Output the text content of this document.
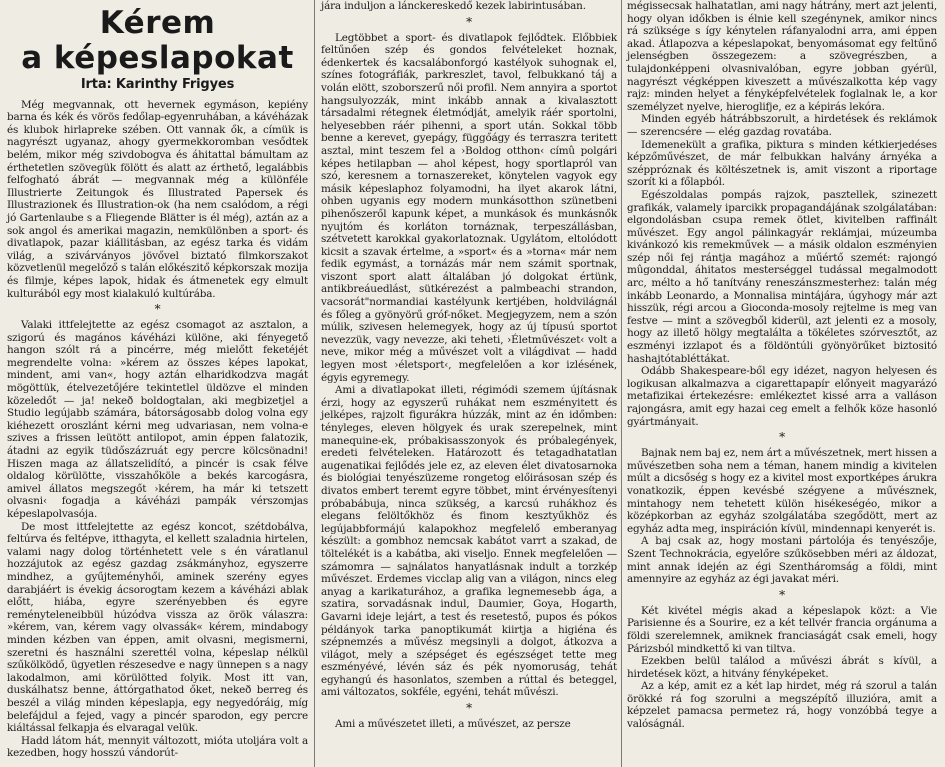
Kérem
a képeslapokat
Irta: Karinthy Frigyes

Még megvannak, ott hevernek egymáson, kepiény barna és kék és vörös fedőlap-egyenruhában, a kávéházak és klubok hirlapreke szében. Ott vannak ők, a címük is nagyrészt ugyanaz, ahogy gyermekkoromban vesődtek belém, mikor még szivdobogva és áhitattal bámultam az érthetetlen szövegük fölött és alatt az érthető, legalábbis felfogható ábrát — megvannak még a különféle Illustrierte Zeitungok és Illustrated Papersek és Illustrazionek és Illustration-ok (ha nem csalódom, a régi jó Gartenlaube s a Fliegende Blätter is él még), aztán az a sok angol és amerikai magazin, nemkülönben a sport- és divatlapok, pazar kiállitásban, az egész tarka és vidám világ, a szivárványos jövővel biztató filmkorszakot közvetlenül megelőző s talán előkészitő képkorszak mozija és filmje, képes lapok, hidak és átmenetek egy elmult kulturából egy most kialakuló kultúrába.

*

Valaki ittfelejtette az egész csomagot az asztalon, a szigorú és magános kávéházi különe, aki fényegető hangon szólt rá a pincérre, még mielőtt feketéjét megrendelte volna: »kérem az összes képes lapokat, mindent, ami van«, hogy aztán elharidkodzva magát mögöttük, ételvezetőjére tekintetlel üldözve el minden közeledőt — ja! nekeð boldogtalan, aki megbizetjel a Studio legújabb számára, bátorságosabb dolog volna egy kiéhezett oroszlánt kérni meg udvariasan, nem volna-e szives a frissen leütött antilopot, amin éppen falatozik, átadni az egyik tüdőszázruát egy percre kölcsönadni! Hiszen maga az állatszelidító, a pincér is csak félve oldalog körülötte, visszahőköle a bekés karcogásra, amivel állatos megszegőt ›kérem, ha már ki tetszett olvasni‹ fogadja a kávéházi pampák vérszomjas képeslapolvasója.

De most ittfelejtette az egész koncot, szétdobálva, feltúrva és feltépve, itthagyta, el kellett szaladnia hirtelen, valami nagy dolog történhetett vele s én váratlanul hozzájutok az egész gazdag zsákmányhoz, egyszerre mindhez, a gyűjteményhői, aminek szerény egyes darabjáért is évekig ácsorogtam kezem a kávéházi ablak előtt, hiába, egyre szerényebben és egyre reményteleneibbül húzódva vissza az örök válaszra: »kérem, van, kérem vagy olvassák« kérem, mindabogy minden kézben van éppen, amit olvasni, megismerni, szeretni és használni szerettél volna, képeslap nélkül szűkölködő, ügyetlen részesedve e nagy ünnepen s a nagy lakodalmon, ami körülötted folyik. Most itt van, duskálhatsz benne, áttórgathatod őket, nekeð berreg és beszél a világ minden képeslapja, egy negyedóráig, míg belefájdul a fejed, vagy a pincér sparodon, egy percre kiáltással felkapja és elvaragal velük.

Hadd látom hát, mennyit változott, mióta utoljára volt a kezedben, hogy hosszú vándorút-

jára induljon a lánckereskedő kezek labirintusában.

*

Legtöbbet a sport- és divatlapok fejlődtek. Előbbiek feltűnően szép és gondos felvételeket hoznak, édenkertek és kacsalábonforgó kastélyok suhognak el, színes fotográfiák, parkreszlet, tavol, felbukkanó táj a volán elött, szoborszerű női profil. Nem annyira a sportot hangsulyozzák, mint inkább annak a kivalasztott társadalmi rétegnek életmódját, amelyik ráér sportolni, helyesebben ráér pihenni, a sport után. Sokkal több benne a kerevet, gyepágy, függőágy és terraszra teritett asztal, mint teszem fel a ›Boldog otthon‹ címû polgári képes hetilapban — ahol képest, hogy sportlapról van szó, keresnem a tornaszereket, könytelen vagyok egy másik képeslaphoz folyamodni, ha ilyet akarok látni, ohben ugyanis egy modern munkásotthon szünetbeni pihenőszeről kapunk képet, a munkások és munkásnők nyujtóm és korláton tornáznak, terpeszállásban, szétvetett karokkal gyakorlatoznak. Ugylátom, eltolódott kicsit a szavak értelme, a »sport« és a »torna« már nem fedik egymást, a tornázás már nem számit sportnak, viszont sport alatt általában jó dolgokat értünk, antikbreáuedlást, sütkérezést a palmbeachi strandon, vacsorát"normandiai kastélyunk kertjében, holdvilágnál és főleg a gyönyörű gróf-nőket. Megjegyzem, nem a szón múlik, szivesen helemegyek, hogy az új típusú sportot nevezzük, vagy nevezze, aki teheti, ›Életművészet‹ volt a neve, mikor még a művészet volt a világdivat — hadd legyen most ›életsport‹, megfelelően a kor izlésének, égyis egyremegy.

Ami a divatlapokat illeti, régimódi szemem újításnak érzi, hogy az egyszerű ruhákat nem eszményitett és jelképes, rajzolt figurákra húzzák, mint az én időmben: tényleges, eleven hölgyek és urak szerepelnek, mint manequine-ek, próbakisasszonyok és próbalegények, eredeti felvételeken. Határozott és tetagadhatatlan augenatikai fejlődés jele ez, az eleven élet divatosarnoka és biológiai tenyészüzeme rongetog előirásosan szép és divatos embert teremt egyre többet, mint érvényesítenyi próbabábuja, ninca szükség, a karcsú ruhákhoz és elegans felöltőkhöz és finom kesztyűkhöz és legújabbformájú kalapokhoz megfelelő emberanyag készült: a gombhoz nemcsak kabátot varrt a szakad, de töltelékét is a kabátba, aki viseljo. Ennek megfelelően — számomra — sajnálatos hanyatlásnak indult a torzkép művészet. Erdemes vicclap alig van a világon, nincs eleg anyag a karikaturához, a grafika legnemesebb ága, a szatira, sorvadásnak indul, Daumier, Goya, Hogarth, Gavarni ideje lejárt, a test és resetestő, pupos és pókos példányok tarka panoptikumát kiirtja a higiéna és szépnemzés a művész megsinyli a dolgot, átkozva a világot, mely a szépséget és egészséget tette meg eszményévé, lévén sáz és pék nyomoruság, tehát egyhangú és hasonlatos, szemben a rúttal és beteggel, ami változatos, sokféle, egyéni, tehát művészi.

*

Ami a művészetet illeti, a művészet, az persze

mégissecsak halhatatlan, ami nagy hátrány, mert azt jelenti, hogy olyan időkben is élnie kell szegénynek, amikor nincs rá szüksége s így kénytelen ráfanyalodni arra, ami éppen akad. Átlapozva a képeslapokat, benyomásomat egy feltűnő jelenségben összegezem: a szövegrészben, a tulajdonképpeni olvasnivalóban, egyre jobban gyérül, nagyrészt végképpen kiveszett a művészalkotta kép vagy rajz: minden helyet a fényképfelvételek foglalnak le, a kor személyzet nyelve, hieroglifje, ez a képirás lekóra.

Minden egyéb hátrábbszorult, a hirdetések és reklámok — szerencsére — elég gazdag rovatába.

Idemenekült a grafika, piktura s minden kétkierjedéses képzőművészet, de már felbukkan halvány árnyéka a széppróznak és költészetnek is, amit viszont a riportage szorít ki a főlapból.

Egészoldalas pompás rajzok, pasztellek, szinezett grafikák, valamely iparcikk propagandájának szolgálatában: elgondolásban csupa remek ötlet, kivitelben raffinált művészet. Egy angol pálinkagyár reklámjai, múzeumba kivánkozó kis remekművek — a másik oldalon eszményien szép női fej rántja magához a műértő szemét: rajongó mûgonddal, áhitatos mesterséggel tudással megalmodott arc, mélto a hő tanítvány reneszánszmesterhez: talán még inkább Leonardo, a Monnalisa mintájára, úgyhogy már azt hisszük, régi arcou a Gioconda-mosoly rejtelme is meg van festve — mint a szövegből kiderül, azt jelenti ez a mosoly, hogy az illető hölgy megtalálta a tökéletes szórvesztőt, az eszményi izzlapot és a földöntúli gyönyörűket biztositó hashajtótabléttákat.

Odább Shakespeare-ből egy idézet, nagyon helyesen és logikusan alkalmazva a cigarettapapír előnyeit magyarázó metafizikai értekezésre: emlékeztet kissé arra a valláson rajongásra, amit egy hazai ceg emelt a felhők köze hasonló gyártmányait.

*

Bajnak nem baj ez, nem árt a művészetnek, mert hissen a művészetben soha nem a téman, hanem mindig a kivitelen múlt a dicsőség s hogy ez a kivitel most exportképes árukra vonatkozik, éppen kevésbé szégyene a művésznek, mintahogy nem tehetett külön hisékeségéo, mikor a középkorban az egyház szolgálatába szegődött, mert az egyház adta meg, inspiráción kívül, mindennapi kenyerét is.

A baj csak az, hogy mostani pártolója és tenyészője, Szent Technokrácia, egyelőre szűkösebben méri az áldozat, mint annak idején az égi Szentháromság a földi, mint amennyire az egyház az égi javakat méri.

*

Két kivétel mégis akad a képeslapok közt: a Vie Parisienne és a Sourire, ez a két tellvér francia orgánuma a földi szerelemnek, amiknek franciaságát csak emeli, hogy Párizsból mindkettő ki van tiltva.

Ezekben belül találod a művészi ábrát s kívül, a hirdetések közt, a hitvány fényképeket.

Az a kép, amit ez a két lap hirdet, még rá szorul a talán örökké rá fog szorulni a megszépítő illuzióra, amit a képzelet pamacsa permetez rá, hogy vonzóbbá tegye a valóságnál.
